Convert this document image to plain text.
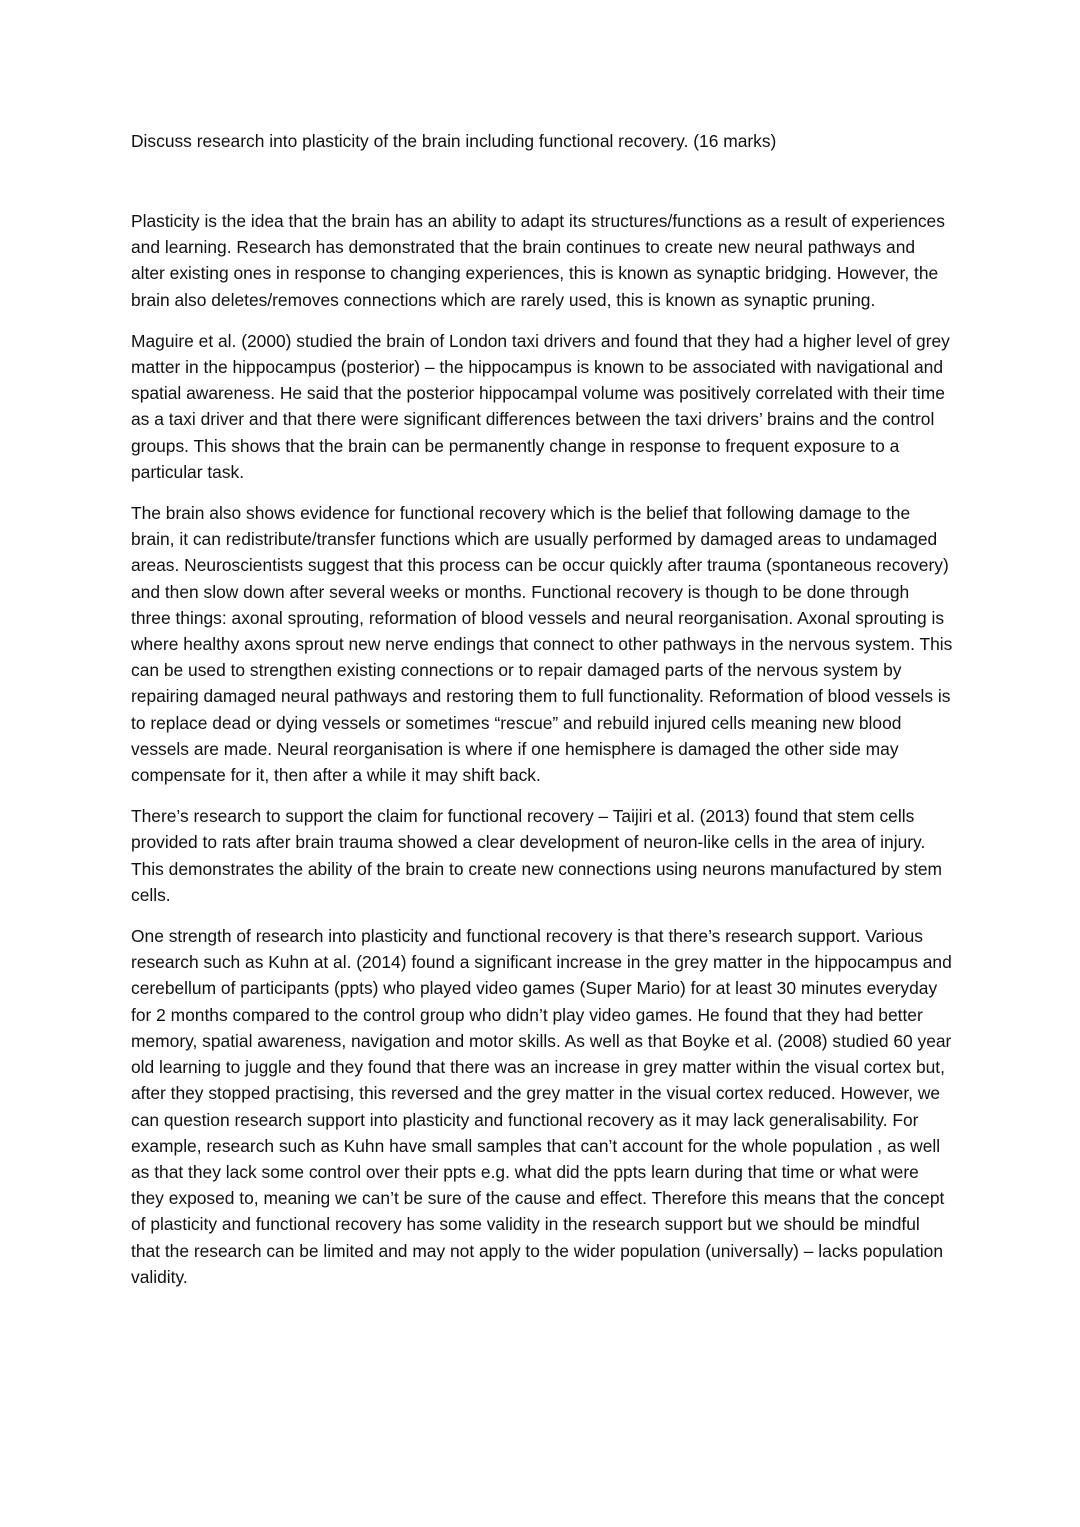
Discuss research into plasticity of the brain including functional recovery. (16 marks)

Plasticity is the idea that the brain has an ability to adapt its structures/functions as a result of experiences and learning. Research has demonstrated that the brain continues to create new neural pathways and alter existing ones in response to changing experiences, this is known as synaptic bridging. However, the brain also deletes/removes connections which are rarely used, this is known as synaptic pruning.

Maguire et al. (2000) studied the brain of London taxi drivers and found that they had a higher level of grey matter in the hippocampus (posterior) – the hippocampus is known to be associated with navigational and spatial awareness. He said that the posterior hippocampal volume was positively correlated with their time as a taxi driver and that there were significant differences between the taxi drivers’ brains and the control groups. This shows that the brain can be permanently change in response to frequent exposure to a particular task.

The brain also shows evidence for functional recovery which is the belief that following damage to the brain, it can redistribute/transfer functions which are usually performed by damaged areas to undamaged areas. Neuroscientists suggest that this process can be occur quickly after trauma (spontaneous recovery) and then slow down after several weeks or months. Functional recovery is though to be done through three things: axonal sprouting, reformation of blood vessels and neural reorganisation. Axonal sprouting is where healthy axons sprout new nerve endings that connect to other pathways in the nervous system. This can be used to strengthen existing connections or to repair damaged parts of the nervous system by repairing damaged neural pathways and restoring them to full functionality. Reformation of blood vessels is to replace dead or dying vessels or sometimes “rescue” and rebuild injured cells meaning new blood vessels are made. Neural reorganisation is where if one hemisphere is damaged the other side may compensate for it, then after a while it may shift back.

There’s research to support the claim for functional recovery – Taijiri et al. (2013) found that stem cells provided to rats after brain trauma showed a clear development of neuron-like cells in the area of injury. This demonstrates the ability of the brain to create new connections using neurons manufactured by stem cells.

One strength of research into plasticity and functional recovery is that there’s research support. Various research such as Kuhn at al. (2014) found a significant increase in the grey matter in the hippocampus and cerebellum of participants (ppts) who played video games (Super Mario) for at least 30 minutes everyday for 2 months compared to the control group who didn’t play video games. He found that they had better memory, spatial awareness, navigation and motor skills. As well as that Boyke et al. (2008) studied 60 year old learning to juggle and they found that there was an increase in grey matter within the visual cortex but, after they stopped practising, this reversed and the grey matter in the visual cortex reduced. However, we can question research support into plasticity and functional recovery as it may lack generalisability. For example, research such as Kuhn have small samples that can’t account for the whole population , as well as that they lack some control over their ppts e.g. what did the ppts learn during that time or what were they exposed to, meaning we can’t be sure of the cause and effect. Therefore this means that the concept of plasticity and functional recovery has some validity in the research support but we should be mindful that the research can be limited and may not apply to the wider population (universally) – lacks population validity.
